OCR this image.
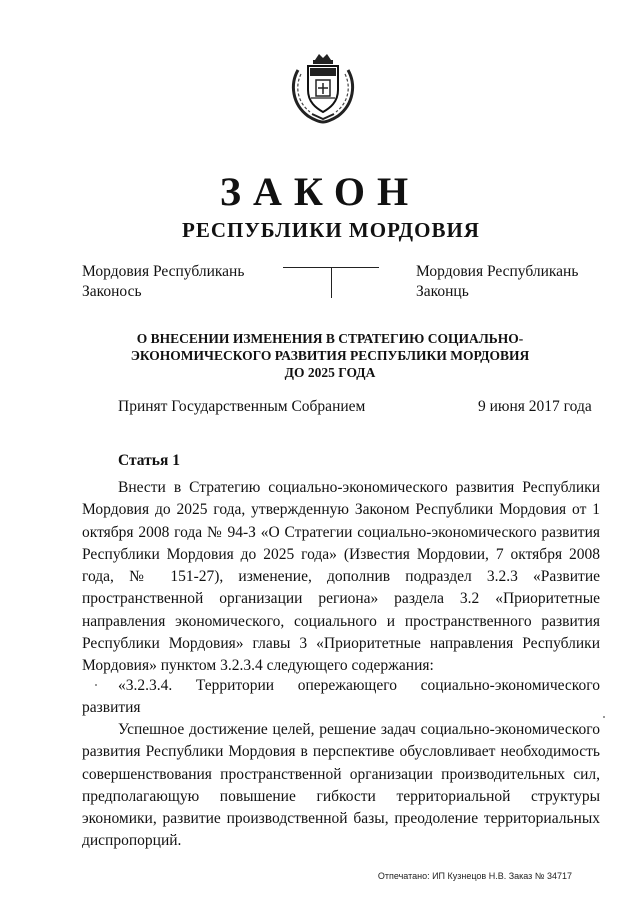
ЗАКОН
РЕСПУБЛИКИ МОРДОВИЯ
Мордовия Республикань
Законось
Мордовия Республикань
Законць
О ВНЕСЕНИИ ИЗМЕНЕНИЯ В СТРАТЕГИЮ СОЦИАЛЬНО-
ЭКОНОМИЧЕСКОГО РАЗВИТИЯ РЕСПУБЛИКИ МОРДОВИЯ
ДО 2025 ГОДА
Принят Государственным Собранием	9 июня 2017 года
Статья 1
Внести в Стратегию социально-экономического развития Республики Мордовия до 2025 года, утвержденную Законом Республики Мордовия от 1 октября 2008 года № 94-З «О Стратегии социально-экономического развития Республики Мордовия до 2025 года» (Известия Мордовии, 7 октября 2008 года, № 151-27), изменение, дополнив подраздел 3.2.3 «Развитие пространственной организации региона» раздела 3.2 «Приоритетные направления экономического, социального и пространственного развития Республики Мордовия» главы 3 «Приоритетные направления Республики Мордовия» пунктом 3.2.3.4 следующего содержания:
«3.2.3.4. Территории опережающего социально-экономического развития
Успешное достижение целей, решение задач социально-экономического развития Республики Мордовия в перспективе обусловливает необходимость совершенствования пространственной организации производительных сил, предполагающую повышение гибкости территориальной структуры экономики, развитие производственной базы, преодоление территориальных диспропорций.
Отпечатано: ИП Кузнецов Н.В. Заказ № 34717
